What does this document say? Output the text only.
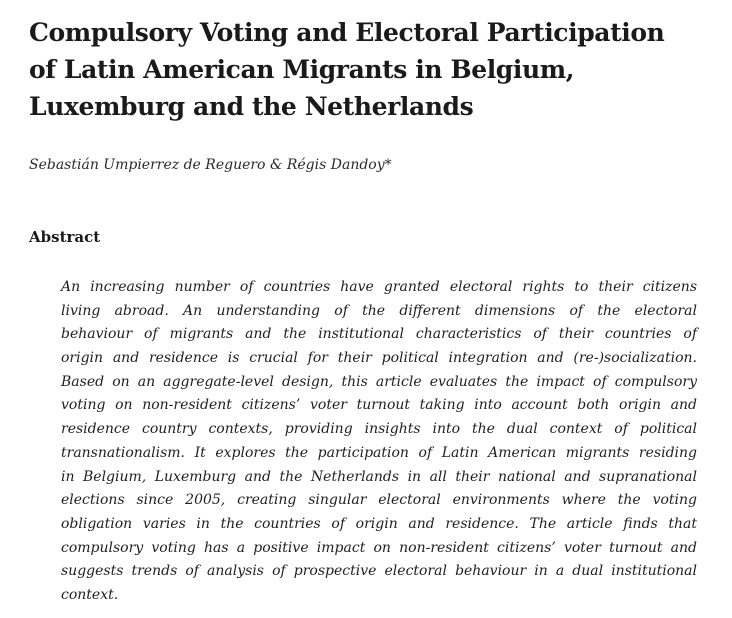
Compulsory Voting and Electoral Participation
of Latin American Migrants in Belgium,
Luxemburg and the Netherlands

Sebastián Umpierrez de Reguero & Régis Dandoy*

Abstract
An increasing number of countries have granted electoral rights to their citizens
living abroad. An understanding of the different dimensions of the electoral
behaviour of migrants and the institutional characteristics of their countries of
origin and residence is crucial for their political integration and (re-)socialization.
Based on an aggregate-level design, this article evaluates the impact of compulsory
voting on non-resident citizens’ voter turnout taking into account both origin and
residence country contexts, providing insights into the dual context of political
transnationalism. It explores the participation of Latin American migrants residing
in Belgium, Luxemburg and the Netherlands in all their national and supranational
elections since 2005, creating singular electoral environments where the voting
obligation varies in the countries of origin and residence. The article finds that
compulsory voting has a positive impact on non-resident citizens’ voter turnout and
suggests trends of analysis of prospective electoral behaviour in a dual institutional
context.
